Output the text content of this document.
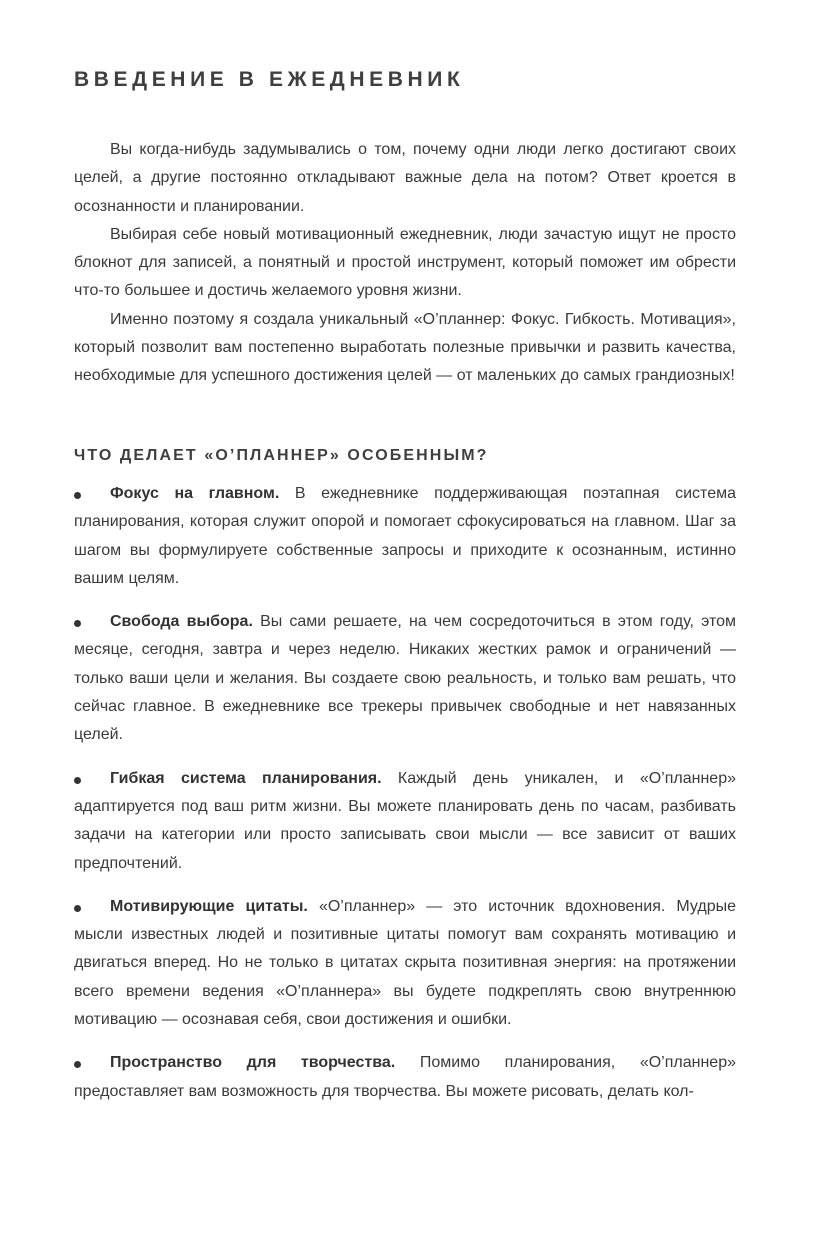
ВВЕДЕНИЕ В ЕЖЕДНЕВНИК

Вы когда-нибудь задумывались о том, почему одни люди легко достигают своих целей, а другие постоянно откладывают важные дела на потом? Ответ кроется в осознанности и планировании.

Выбирая себе новый мотивационный ежедневник, люди зачастую ищут не просто блокнот для записей, а понятный и простой инструмент, который поможет им обрести что-то большее и достичь желаемого уровня жизни.

Именно поэтому я создала уникальный «О’планнер: Фокус. Гибкость. Мотивация», который позволит вам постепенно выработать полезные привычки и развить качества, необходимые для успешного достижения целей — от маленьких до самых грандиозных!

ЧТО ДЕЛАЕТ «О’ПЛАННЕР» ОСОБЕННЫМ?

Фокус на главном. В ежедневнике поддерживающая поэтапная система планирования, которая служит опорой и помогает сфокусироваться на главном. Шаг за шагом вы формулируете собственные запросы и приходите к осознанным, истинно вашим целям.

Свобода выбора. Вы сами решаете, на чем сосредоточиться в этом году, этом месяце, сегодня, завтра и через неделю. Никаких жестких рамок и ограничений — только ваши цели и желания. Вы создаете свою реальность, и только вам решать, что сейчас главное. В ежедневнике все трекеры привычек свободные и нет навязанных целей.

Гибкая система планирования. Каждый день уникален, и «О’планнер» адаптируется под ваш ритм жизни. Вы можете планировать день по часам, разбивать задачи на категории или просто записывать свои мысли — все зависит от ваших предпочтений.

Мотивирующие цитаты. «О’планнер» — это источник вдохновения. Мудрые мысли известных людей и позитивные цитаты помогут вам сохранять мотивацию и двигаться вперед. Но не только в цитатах скрыта позитивная энергия: на протяжении всего времени ведения «О’планнера» вы будете подкреплять свою внутреннюю мотивацию — осознавая себя, свои достижения и ошибки.

Пространство для творчества. Помимо планирования, «О’планнер» предоставляет вам возможность для творчества. Вы можете рисовать, делать кол-
